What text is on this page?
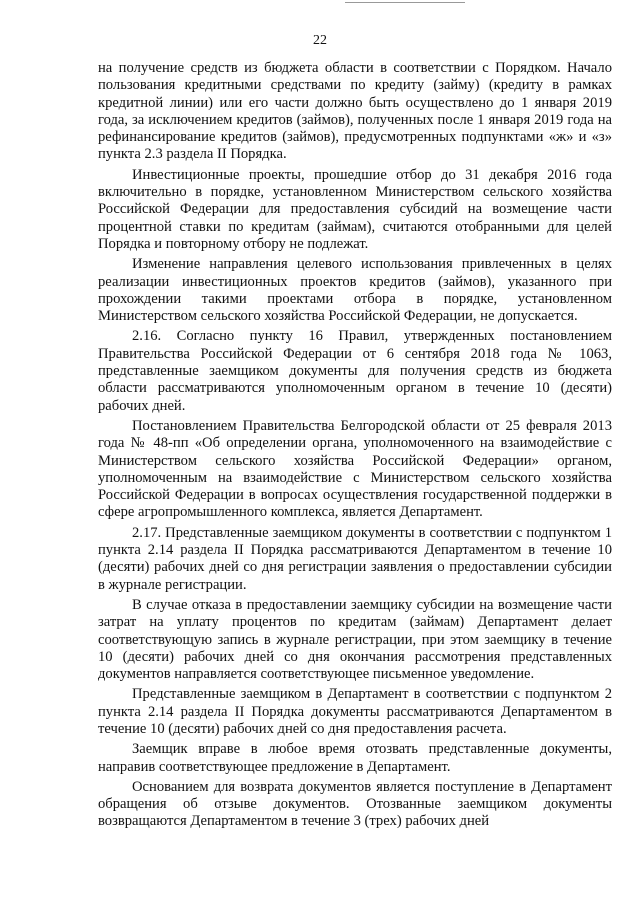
22

на получение средств из бюджета области в соответствии с Порядком. Начало пользования кредитными средствами по кредиту (займу) (кредиту в рамках кредитной линии) или его части должно быть осуществлено до 1 января 2019 года, за исключением кредитов (займов), полученных после 1 января 2019 года на рефинансирование кредитов (займов), предусмотренных подпунктами «ж» и «з» пункта 2.3 раздела II Порядка.

Инвестиционные проекты, прошедшие отбор до 31 декабря 2016 года включительно в порядке, установленном Министерством сельского хозяйства Российской Федерации для предоставления субсидий на возмещение части процентной ставки по кредитам (займам), считаются отобранными для целей Порядка и повторному отбору не подлежат.

Изменение направления целевого использования привлеченных в целях реализации инвестиционных проектов кредитов (займов), указанного при прохождении такими проектами отбора в порядке, установленном Министерством сельского хозяйства Российской Федерации, не допускается.

2.16. Согласно пункту 16 Правил, утвержденных постановлением Правительства Российской Федерации от 6 сентября 2018 года № 1063, представленные заемщиком документы для получения средств из бюджета области рассматриваются уполномоченным органом в течение 10 (десяти) рабочих дней.

Постановлением Правительства Белгородской области от 25 февраля 2013 года № 48-пп «Об определении органа, уполномоченного на взаимодействие с Министерством сельского хозяйства Российской Федерации» органом, уполномоченным на взаимодействие с Министерством сельского хозяйства Российской Федерации в вопросах осуществления государственной поддержки в сфере агропромышленного комплекса, является Департамент.

2.17. Представленные заемщиком документы в соответствии с подпунктом 1 пункта 2.14 раздела II Порядка рассматриваются Департаментом в течение 10 (десяти) рабочих дней со дня регистрации заявления о предоставлении субсидии в журнале регистрации.

В случае отказа в предоставлении заемщику субсидии на возмещение части затрат на уплату процентов по кредитам (займам) Департамент делает соответствующую запись в журнале регистрации, при этом заемщику в течение 10 (десяти) рабочих дней со дня окончания рассмотрения представленных документов направляется соответствующее письменное уведомление.

Представленные заемщиком в Департамент в соответствии с подпунктом 2 пункта 2.14 раздела II Порядка документы рассматриваются Департаментом в течение 10 (десяти) рабочих дней со дня предоставления расчета.

Заемщик вправе в любое время отозвать представленные документы, направив соответствующее предложение в Департамент.

Основанием для возврата документов является поступление в Департамент обращения об отзыве документов. Отозванные заемщиком документы возвращаются Департаментом в течение 3 (трех) рабочих дней
